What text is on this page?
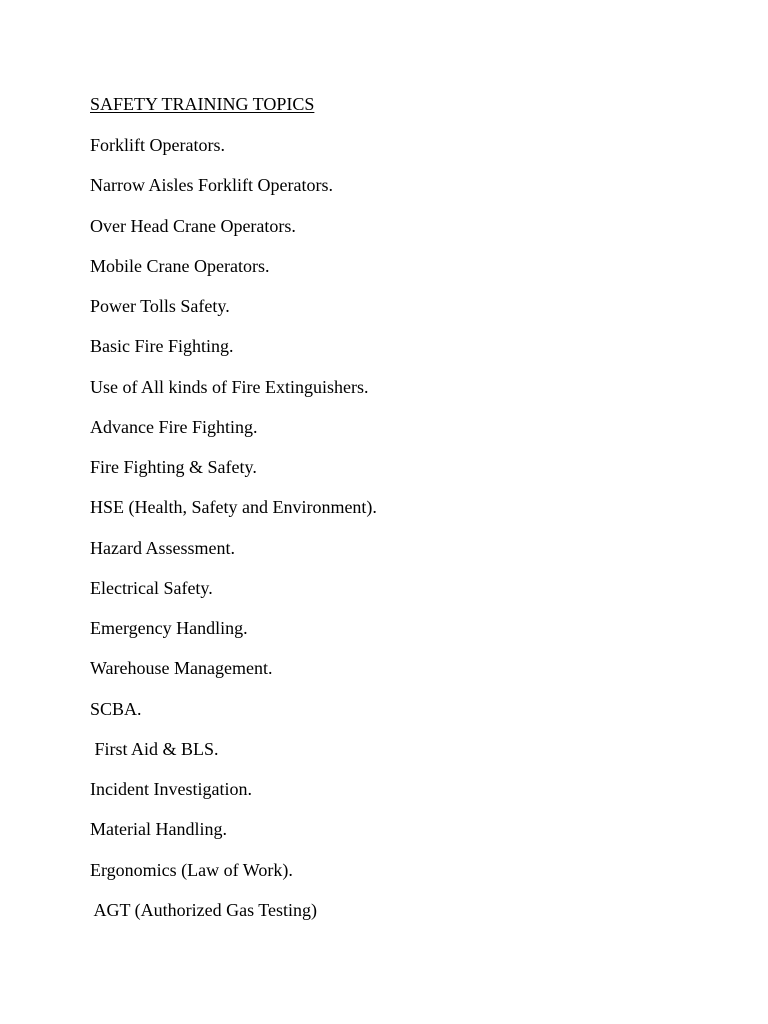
SAFETY TRAINING TOPICS
Forklift Operators.
Narrow Aisles Forklift Operators.
Over Head Crane Operators.
Mobile Crane Operators.
Power Tolls Safety.
Basic Fire Fighting.
Use of All kinds of Fire Extinguishers.
Advance Fire Fighting.
Fire Fighting & Safety.
HSE (Health, Safety and Environment).
Hazard Assessment.
Electrical Safety.
Emergency Handling.
Warehouse Management.
SCBA.
First Aid & BLS.
Incident Investigation.
Material Handling.
Ergonomics (Law of Work).
AGT (Authorized Gas Testing)
